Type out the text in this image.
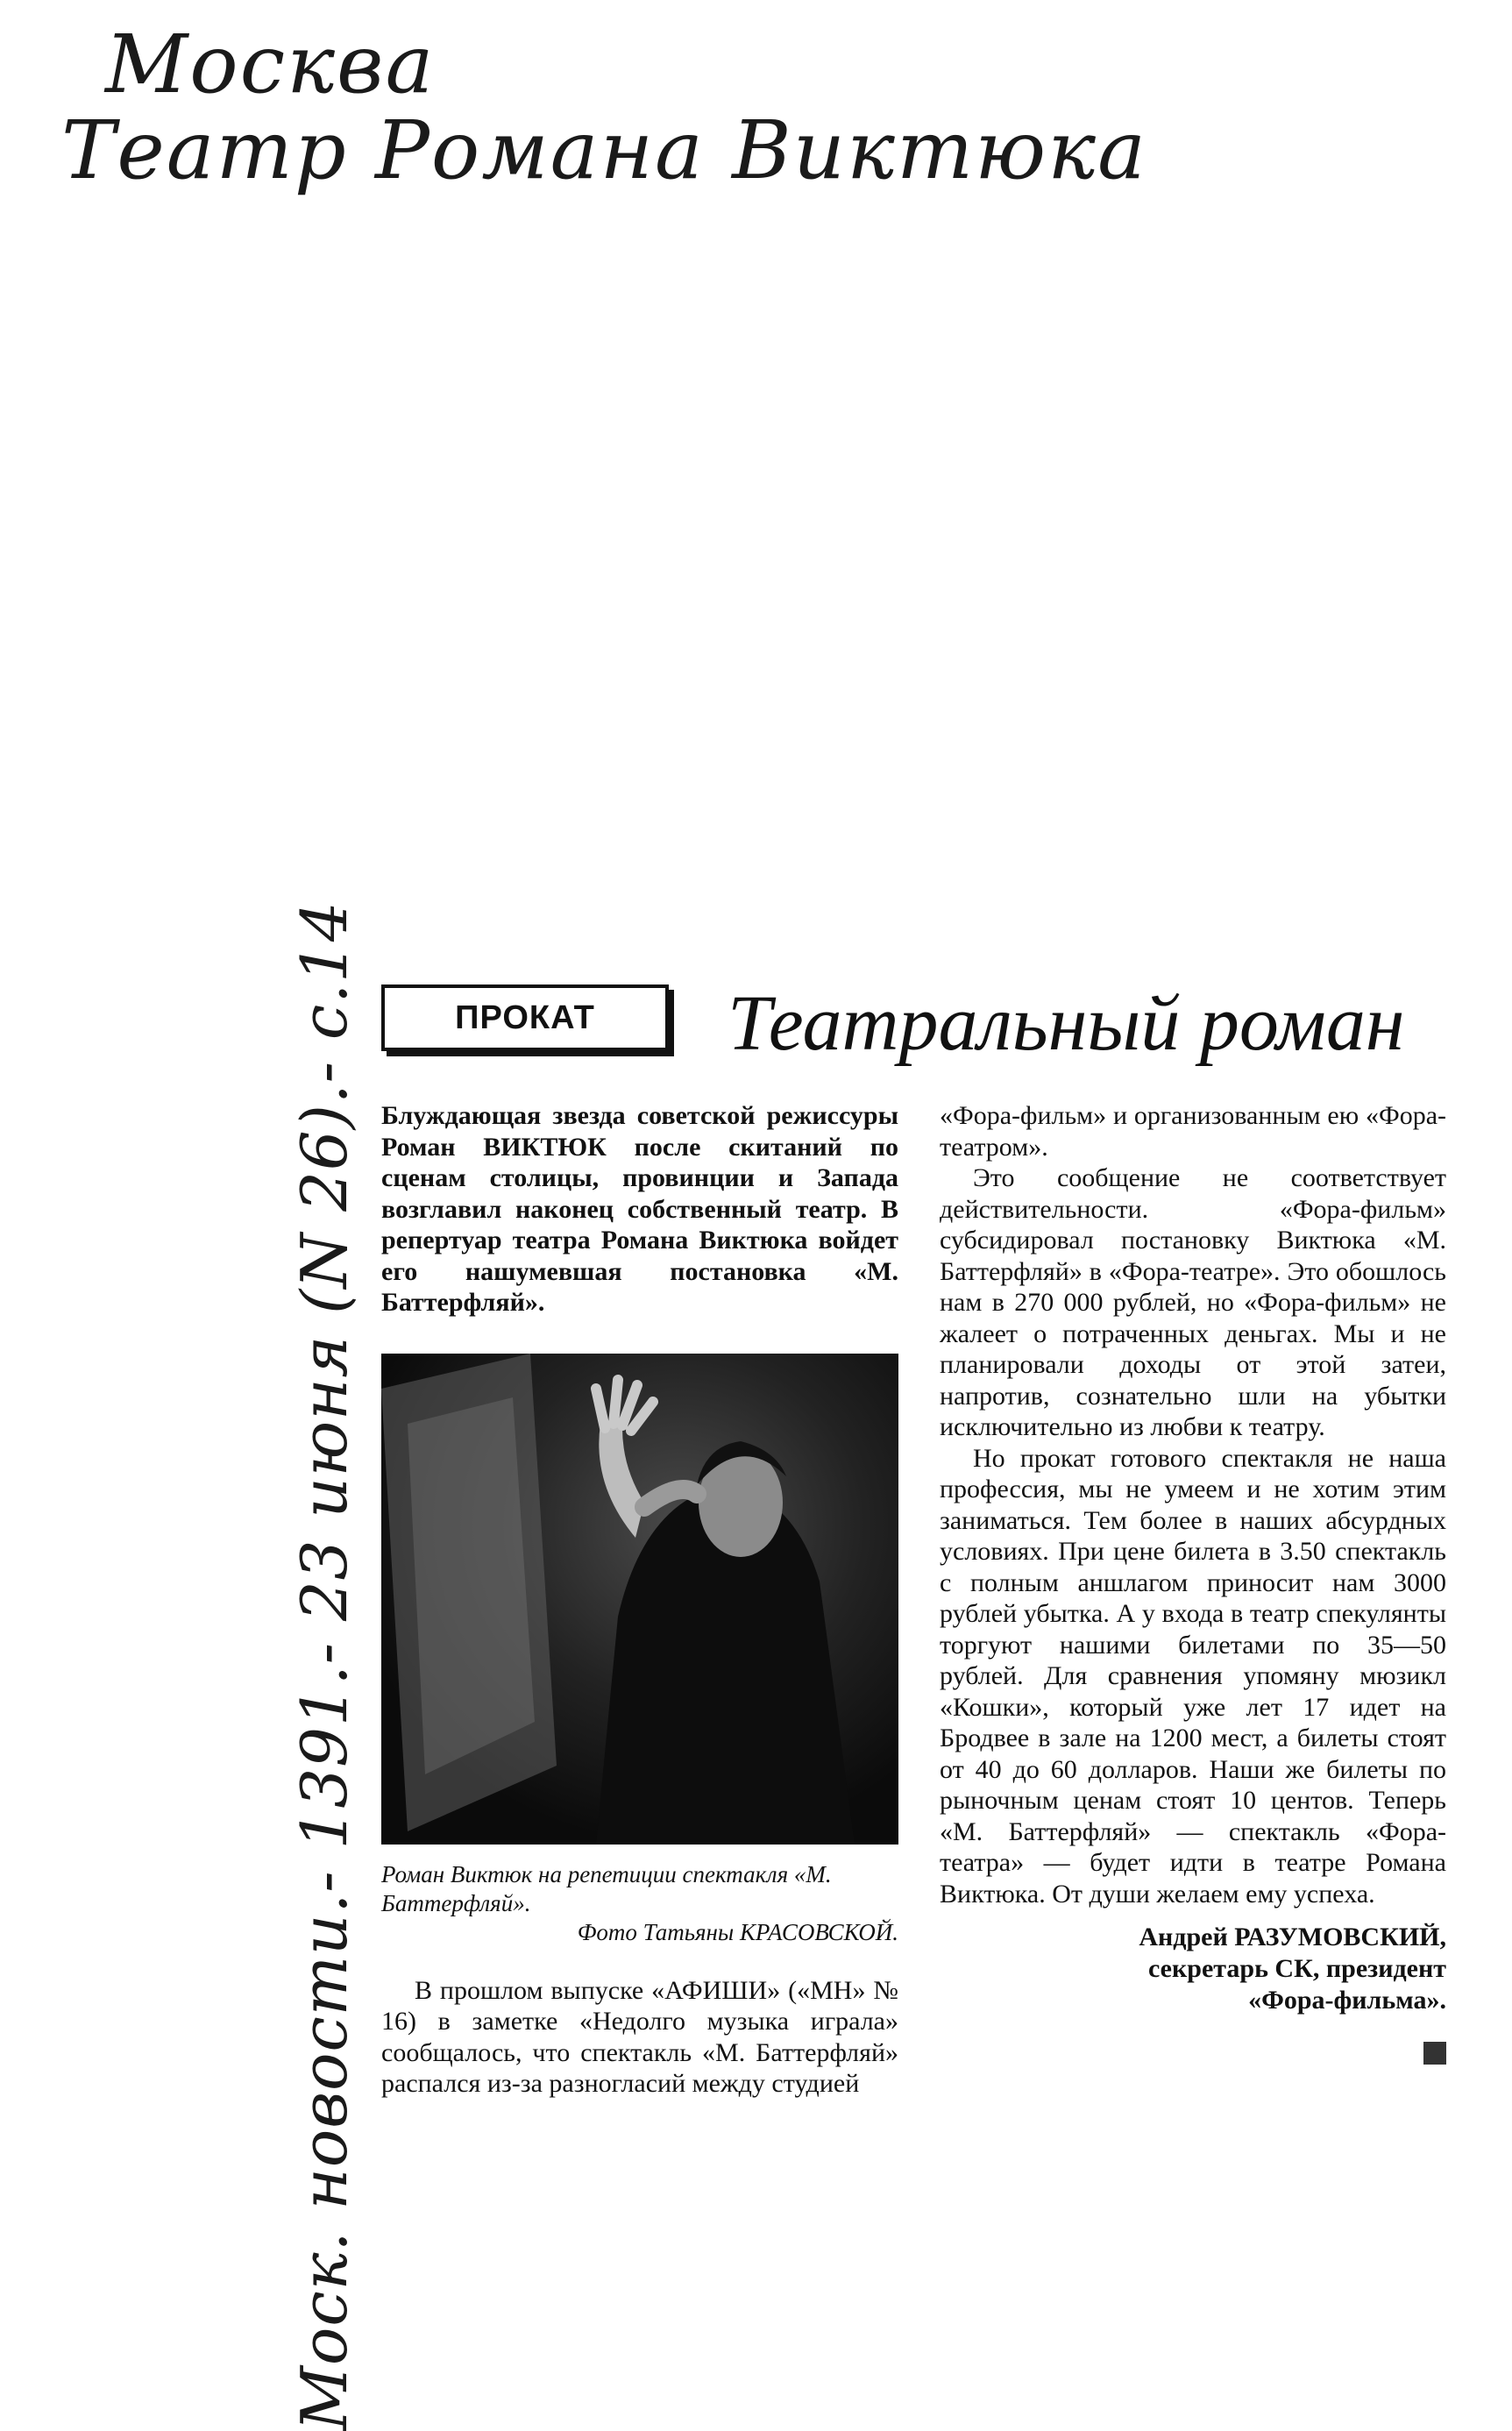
Москва
Театр Романа Виктюка
Моск. новости.- 1391.- 23 июня (N 26).- с.14	ПРОКАТ Театральный роман

Блуждающая звезда советской режиссуры Роман ВИКТЮК после скитаний по сценам столицы, провинции и Запада возглавил наконец собственный театр. В репертуар театра Романа Виктюка войдет его нашумевшая постановка «М. Баттерфляй».

Роман Виктюк на репетиции спектакля «М. Баттерфляй».

Фото Татьяны КРАСОВСКОЙ.

В прошлом выпуске «АФИШИ» («МН» № 16) в заметке «Недолго музыка играла» сообщалось, что спектакль «М. Баттерфляй» распался из-за разногласий между студией

«Фора-фильм» и организованным ею «Фора-театром».

Это сообщение не соответствует действительности. «Фора-фильм» субсидировал постановку Виктюка «М. Баттерфляй» в «Фора-театре». Это обошлось нам в 270 000 рублей, но «Фора-фильм» не жалеет о потраченных деньгах. Мы и не планировали доходы от этой затеи, напротив, сознательно шли на убытки исключительно из любви к театру.

Но прокат готового спектакля не наша профессия, мы не умеем и не хотим этим заниматься. Тем более в наших абсурдных условиях. При цене билета в 3.50 спектакль с полным аншлагом приносит нам 3000 рублей убытка. А у входа в театр спекулянты торгуют нашими билетами по 35—50 рублей. Для сравнения упомяну мюзикл «Кошки», который уже лет 17 идет на Бродвее в зале на 1200 мест, а билеты стоят от 40 до 60 долларов. Наши же билеты по рыночным ценам стоят 10 центов. Теперь «М. Баттерфляй» — спектакль «Фора-театра» — будет идти в театре Романа Виктюка. От души желаем ему успеха.

Андрей РАЗУМОВСКИЙ,
секретарь СК, президент
«Фора-фильма».
